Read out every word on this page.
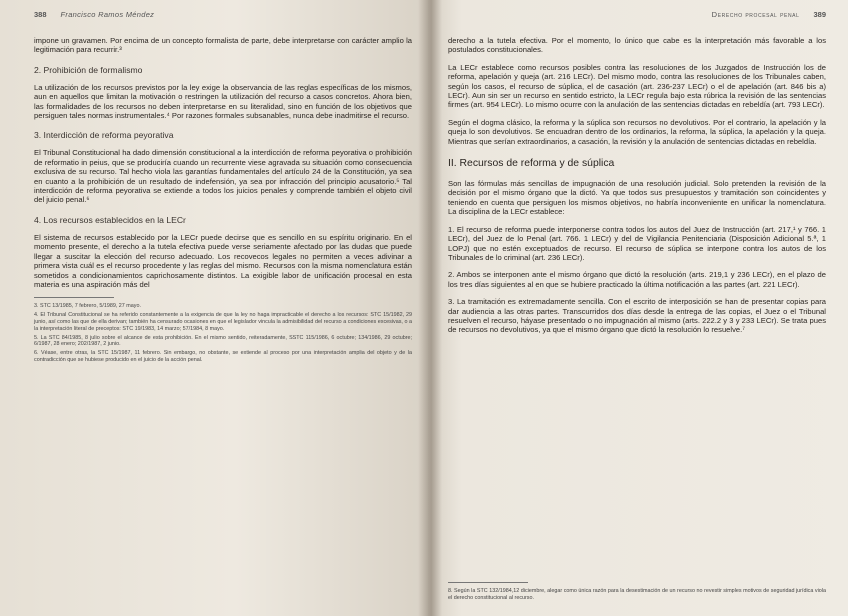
388 Francisco Ramos Méndez

impone un gravamen. Por encima de un concepto formalista de parte, debe interpretarse con carácter amplio la legitimación para recurrir.³

2. Prohibición de formalismo

La utilización de los recursos previstos por la ley exige la observancia de las reglas específicas de los mismos, aun en aquellos que limitan la motivación o restringen la utilización del recurso a casos concretos. Ahora bien, las formalidades de los recursos no deben interpretarse en su literalidad, sino en función de los objetivos que persiguen tales normas instrumentales.⁴ Por razones formales subsanables, nunca debe inadmitirse el recurso.

3. Interdicción de reforma peyorativa

El Tribunal Constitucional ha dado dimensión constitucional a la interdicción de reforma peyorativa o prohibición de reformatio in peius, que se produciría cuando un recurrente viese agravada su situación como consecuencia exclusiva de su recurso. Tal hecho viola las garantías fundamentales del artículo 24 de la Constitución, ya sea en cuanto a la prohibición de un resultado de indefensión, ya sea por infracción del principio acusatorio.⁵ Tal interdicción de reforma peyorativa se extiende a todos los juicios penales y comprende también el objeto civil del juicio penal.⁶

4. Los recursos establecidos en la LECr

El sistema de recursos establecido por la LECr puede decirse que es sencillo en su espíritu originario. En el momento presente, el derecho a la tutela efectiva puede verse seriamente afectado por las dudas que puede llegar a suscitar la elección del recurso adecuado. Los recovecos legales no permiten a veces adivinar a primera vista cuál es el recurso procedente y las reglas del mismo. Recursos con la misma nomenclatura están sometidos a condicionamientos caprichosamente distintos. La exigible labor de unificación procesal en esta materia es una aspiración más del

3. STC 13/1985, 7 febrero, 5/1989, 27 mayo.

4. El Tribunal Constitucional se ha referido constantemente a la exigencia de que la ley no haga impracticable el derecho a los recursos: STC 15/1982, 29 junio, así como las que de ella derivan; también ha censurado ocasiones en que el legislador vincula la admisibilidad del recurso a condiciones excesivas, o a la interpretación literal de preceptos: STC 19/1983, 14 marzo; 57/1984, 8 mayo.

5. La STC 84/1985, 8 julio sobre el alcance de esta prohibición. En el mismo sentido, reiteradamente, SSTC 115/1986, 6 octubre; 134/1986, 29 octubre; 6/1987, 28 enero; 202/1987, 2 junio.

6. Véase, entre otras, la STC 15/1987, 11 febrero. Sin embargo, no obstante, se extiende al proceso por una interpretación amplia del objeto y de la contradicción que se hubiese producido en el juicio de la acción penal.

Derecho procesal penal 389

derecho a la tutela efectiva. Por el momento, lo único que cabe es la interpretación más favorable a los postulados constitucionales.

La LECr establece como recursos posibles contra las resoluciones de los Juzgados de Instrucción los de reforma, apelación y queja (art. 216 LECr). Del mismo modo, contra las resoluciones de los Tribunales caben, según los casos, el recurso de súplica, el de casación (art. 236-237 LECr) o el de apelación (art. 846 bis a) LECr). Aun sin ser un recurso en sentido estricto, la LECr regula bajo esta rúbrica la revisión de las sentencias firmes (art. 954 LECr). Lo mismo ocurre con la anulación de las sentencias dictadas en rebeldía (art. 793 LECr).

Según el dogma clásico, la reforma y la súplica son recursos no devolutivos. Por el contrario, la apelación y la queja lo son devolutivos. Se encuadran dentro de los ordinarios, la reforma, la súplica, la apelación y la queja. Mientras que serían extraordinarios, a casación, la revisión y la anulación de sentencias dictadas en rebeldía.

II. Recursos de reforma y de súplica

Son las fórmulas más sencillas de impugnación de una resolución judicial. Solo pretenden la revisión de la decisión por el mismo órgano que la dictó. Ya que todos sus presupuestos y tramitación son coincidentes y teniendo en cuenta que persiguen los mismos objetivos, no habría inconveniente en unificar la nomenclatura. La disciplina de la LECr establece:

1. El recurso de reforma puede interponerse contra todos los autos del Juez de Instrucción (art. 217,¹ y 766. 1 LECr), del Juez de lo Penal (art. 766. 1 LECr) y del de Vigilancia Penitenciaria (Disposición Adicional 5.ª, 1 LOPJ) que no estén exceptuados de recurso. El recurso de súplica se interpone contra los autos de los Tribunales de lo criminal (art. 236 LECr).

2. Ambos se interponen ante el mismo órgano que dictó la resolución (arts. 219,1 y 236 LECr), en el plazo de los tres días siguientes al en que se hubiere practicado la última notificación a las partes (art. 221 LECr).

3. La tramitación es extremadamente sencilla. Con el escrito de interposición se han de presentar copias para dar audiencia a las otras partes. Transcurridos dos días desde la entrega de las copias, el Juez o el Tribunal resuelven el recurso, háyase presentado o no impugnación al mismo (arts. 222.2 y 3 y 233 LECr). Se trata pues de recursos no devolutivos, ya que el mismo órgano que dictó la resolución lo resuelve.⁷

8. Según la STC 132/1984,12 diciembre, alegar como única razón para la desestimación de un recurso no revestir simples motivos de seguridad jurídica viola el derecho constitucional al recurso.
